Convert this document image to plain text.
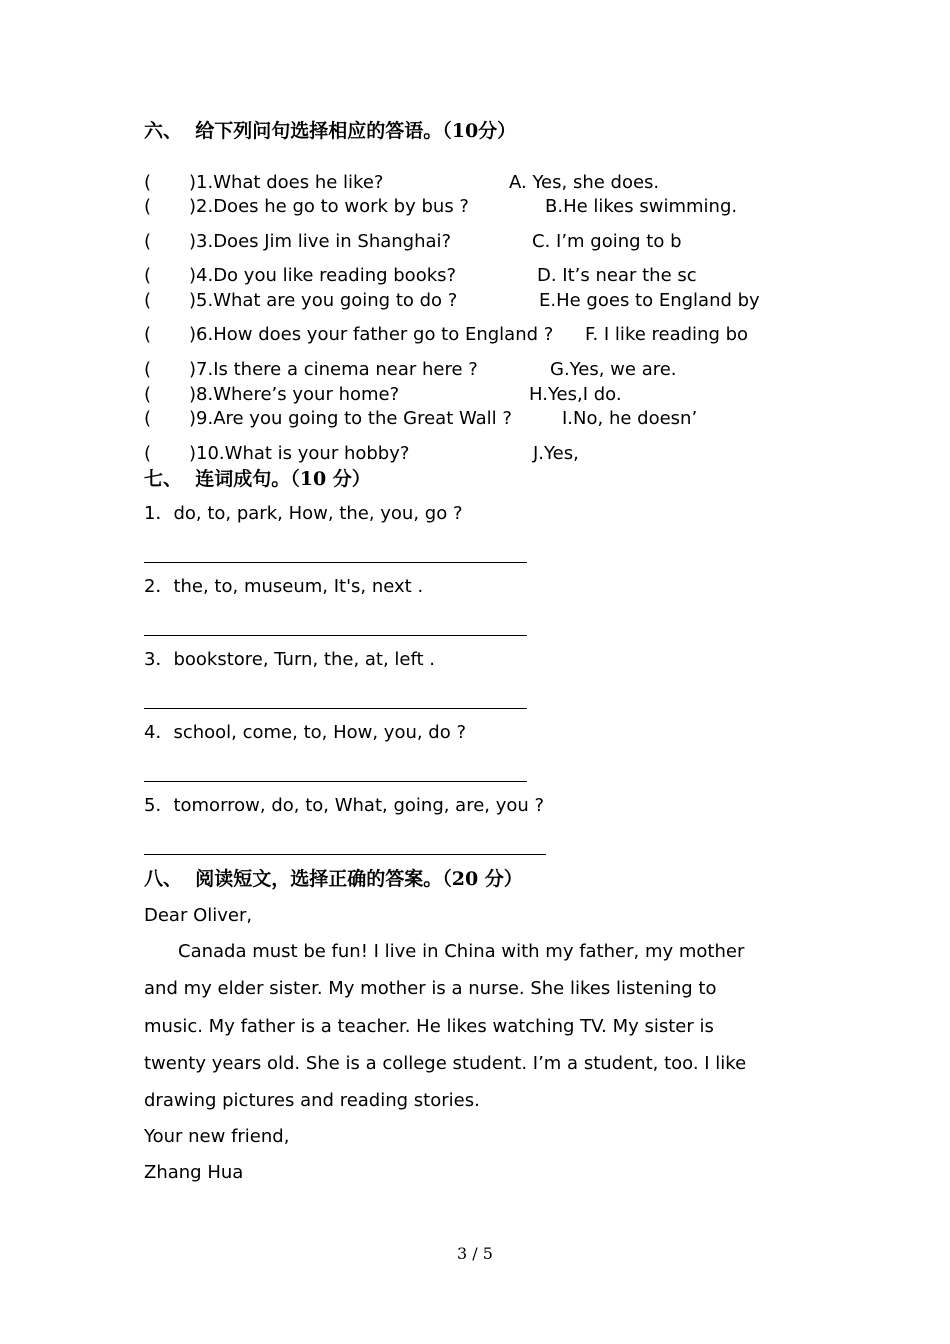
六、  给下列问句选择相应的答语。（10分）
( )1.What does he like?	A. Yes, she does.
( )2.Does he go to work by bus ?	B.He likes swimming.
( )3.Does Jim live in Shanghai?	C. I’m going to b
( )4.Do you like reading books?	D. It’s near the sc
( )5.What are you going to do ?	E.He goes to England by
( )6.How does your father go to England ? F. I like reading bo
( )7.Is there a cinema near here ?	G.Yes, we are.
( )8.Where’s your home?	H.Yes,I do.
( )9.Are you going to the Great Wall ?	I.No, he doesn’
( )10.What is your hobby?	J.Yes,
七、  连词成句。（10 分）
1．do, to, park, How, the, you, go ?
2．the, to, museum, It's, next .
3．bookstore, Turn, the, at, left .
4．school, come, to, How, you, do ?
5．tomorrow, do, to, What, going, are, you ?
八、  阅读短文，选择正确的答案。（20 分）
Dear Oliver,
Canada must be fun! I live in China with my father, my mother
and my elder sister. My mother is a nurse. She likes listening to
music. My father is a teacher. He likes watching TV. My sister is
twenty years old. She is a college student. I’m a student, too. I like
drawing pictures and reading stories.
Your new friend,
Zhang Hua
3 / 5
